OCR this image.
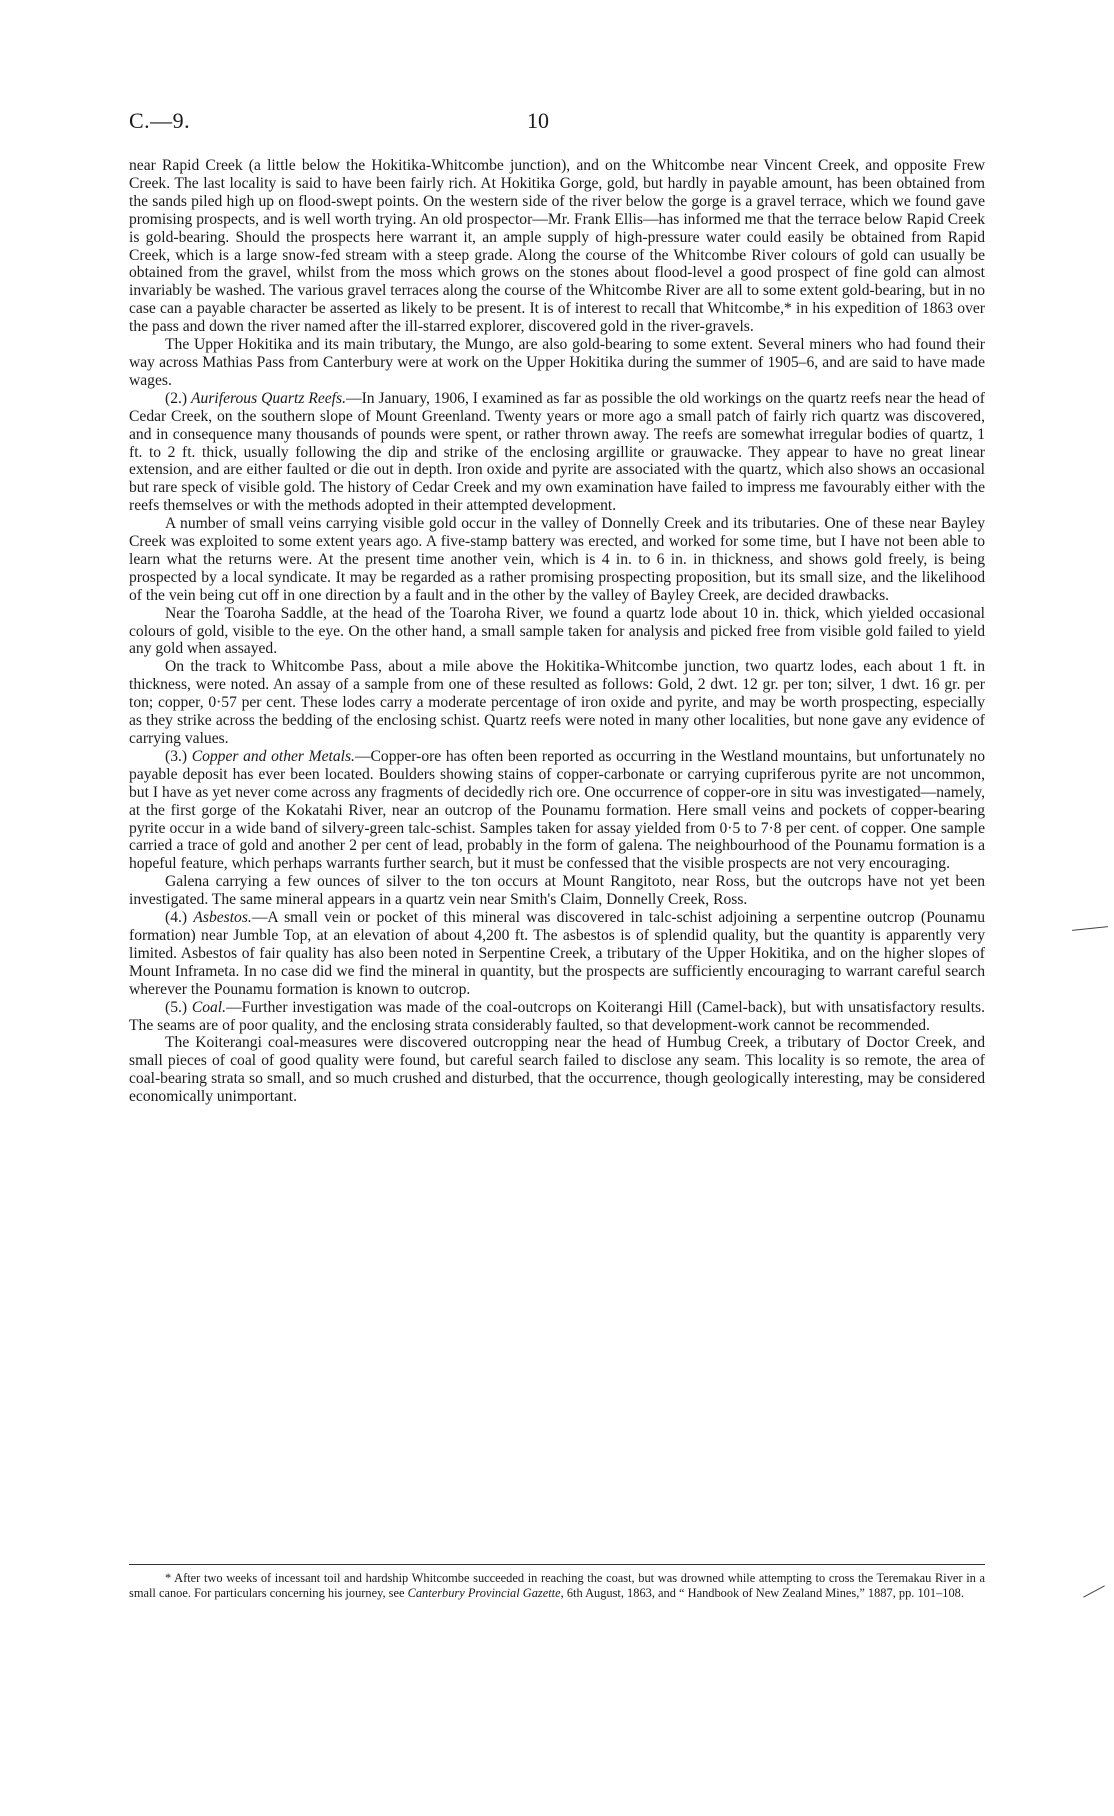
C.—9.	10

near Rapid Creek (a little below the Hokitika-Whitcombe junction), and on the Whitcombe near Vincent Creek, and opposite Frew Creek. The last locality is said to have been fairly rich. At Hokitika Gorge, gold, but hardly in payable amount, has been obtained from the sands piled high up on flood-swept points. On the western side of the river below the gorge is a gravel terrace, which we found gave promising prospects, and is well worth trying. An old prospector—Mr. Frank Ellis—has informed me that the terrace below Rapid Creek is gold-bearing. Should the prospects here warrant it, an ample supply of high-pressure water could easily be obtained from Rapid Creek, which is a large snow-fed stream with a steep grade. Along the course of the Whitcombe River colours of gold can usually be obtained from the gravel, whilst from the moss which grows on the stones about flood-level a good prospect of fine gold can almost invariably be washed. The various gravel terraces along the course of the Whitcombe River are all to some extent gold-bearing, but in no case can a payable character be asserted as likely to be present. It is of interest to recall that Whitcombe,* in his expedition of 1863 over the pass and down the river named after the ill-starred explorer, discovered gold in the river-gravels.

The Upper Hokitika and its main tributary, the Mungo, are also gold-bearing to some extent. Several miners who had found their way across Mathias Pass from Canterbury were at work on the Upper Hokitika during the summer of 1905–6, and are said to have made wages.

(2.) Auriferous Quartz Reefs.—In January, 1906, I examined as far as possible the old workings on the quartz reefs near the head of Cedar Creek, on the southern slope of Mount Greenland. Twenty years or more ago a small patch of fairly rich quartz was discovered, and in consequence many thousands of pounds were spent, or rather thrown away. The reefs are somewhat irregular bodies of quartz, 1 ft. to 2 ft. thick, usually following the dip and strike of the enclosing argillite or grauwacke. They appear to have no great linear extension, and are either faulted or die out in depth. Iron oxide and pyrite are associated with the quartz, which also shows an occasional but rare speck of visible gold. The history of Cedar Creek and my own examination have failed to impress me favourably either with the reefs themselves or with the methods adopted in their attempted development.

A number of small veins carrying visible gold occur in the valley of Donnelly Creek and its tributaries. One of these near Bayley Creek was exploited to some extent years ago. A five-stamp battery was erected, and worked for some time, but I have not been able to learn what the returns were. At the present time another vein, which is 4 in. to 6 in. in thickness, and shows gold freely, is being prospected by a local syndicate. It may be regarded as a rather promising prospecting proposition, but its small size, and the likelihood of the vein being cut off in one direction by a fault and in the other by the valley of Bayley Creek, are decided drawbacks.

Near the Toaroha Saddle, at the head of the Toaroha River, we found a quartz lode about 10 in. thick, which yielded occasional colours of gold, visible to the eye. On the other hand, a small sample taken for analysis and picked free from visible gold failed to yield any gold when assayed.

On the track to Whitcombe Pass, about a mile above the Hokitika-Whitcombe junction, two quartz lodes, each about 1 ft. in thickness, were noted. An assay of a sample from one of these resulted as follows: Gold, 2 dwt. 12 gr. per ton; silver, 1 dwt. 16 gr. per ton; copper, 0·57 per cent. These lodes carry a moderate percentage of iron oxide and pyrite, and may be worth prospecting, especially as they strike across the bedding of the enclosing schist. Quartz reefs were noted in many other localities, but none gave any evidence of carrying values.

(3.) Copper and other Metals.—Copper-ore has often been reported as occurring in the Westland mountains, but unfortunately no payable deposit has ever been located. Boulders showing stains of copper-carbonate or carrying cupriferous pyrite are not uncommon, but I have as yet never come across any fragments of decidedly rich ore. One occurrence of copper-ore in situ was investigated—namely, at the first gorge of the Kokatahi River, near an outcrop of the Pounamu formation. Here small veins and pockets of copper-bearing pyrite occur in a wide band of silvery-green talc-schist. Samples taken for assay yielded from 0·5 to 7·8 per cent. of copper. One sample carried a trace of gold and another 2 per cent of lead, probably in the form of galena. The neighbourhood of the Pounamu formation is a hopeful feature, which perhaps warrants further search, but it must be confessed that the visible prospects are not very encouraging.

Galena carrying a few ounces of silver to the ton occurs at Mount Rangitoto, near Ross, but the outcrops have not yet been investigated. The same mineral appears in a quartz vein near Smith's Claim, Donnelly Creek, Ross.

(4.) Asbestos.—A small vein or pocket of this mineral was discovered in talc-schist adjoining a serpentine outcrop (Pounamu formation) near Jumble Top, at an elevation of about 4,200 ft. The asbestos is of splendid quality, but the quantity is apparently very limited. Asbestos of fair quality has also been noted in Serpentine Creek, a tributary of the Upper Hokitika, and on the higher slopes of Mount Inframeta. In no case did we find the mineral in quantity, but the prospects are sufficiently encouraging to warrant careful search wherever the Pounamu formation is known to outcrop.

(5.) Coal.—Further investigation was made of the coal-outcrops on Koiterangi Hill (Camel-back), but with unsatisfactory results. The seams are of poor quality, and the enclosing strata considerably faulted, so that development-work cannot be recommended.

The Koiterangi coal-measures were discovered outcropping near the head of Humbug Creek, a tributary of Doctor Creek, and small pieces of coal of good quality were found, but careful search failed to disclose any seam. This locality is so remote, the area of coal-bearing strata so small, and so much crushed and disturbed, that the occurrence, though geologically interesting, may be considered economically unimportant.

* After two weeks of incessant toil and hardship Whitcombe succeeded in reaching the coast, but was drowned while attempting to cross the Teremakau River in a small canoe. For particulars concerning his journey, see Canterbury Provincial Gazette, 6th August, 1863, and “ Handbook of New Zealand Mines,” 1887, pp. 101–108.
